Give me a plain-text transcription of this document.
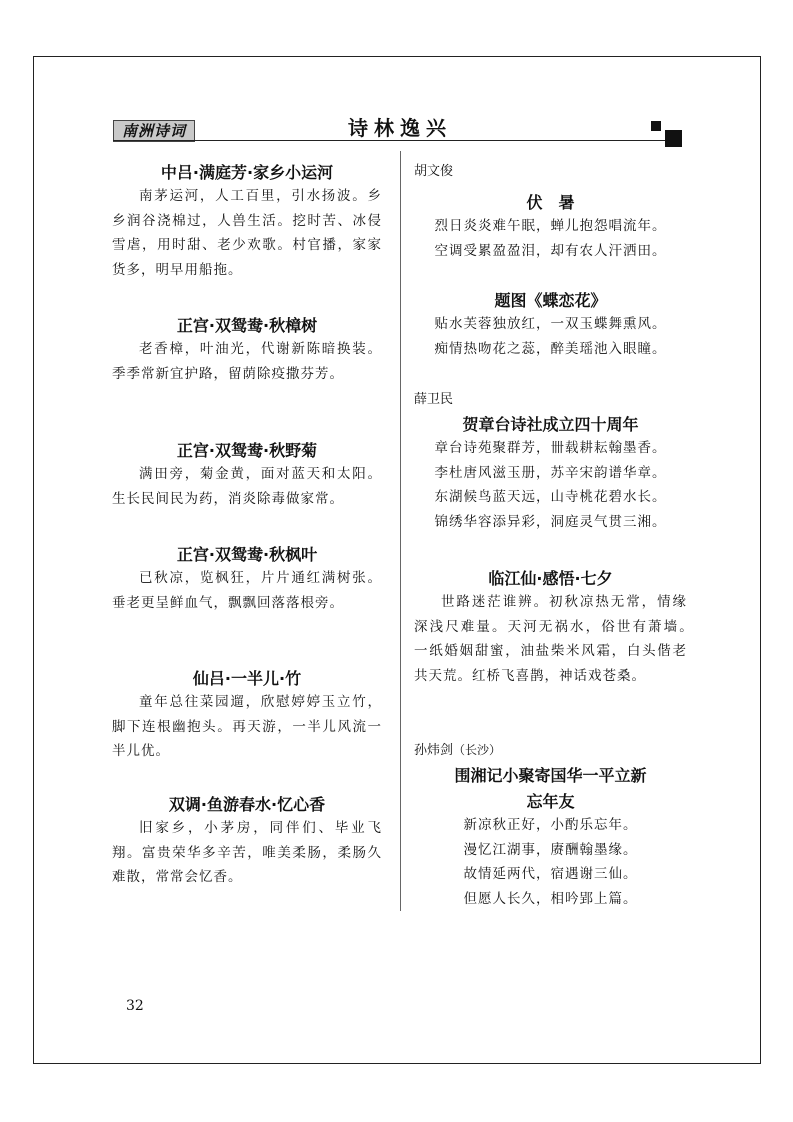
南洲诗词	诗林逸兴

中吕·满庭芳·家乡小运河

南茅运河，人工百里，引水扬波。乡乡润谷浇棉过，人兽生活。挖时苦、冰侵雪虐，用时甜、老少欢歌。村官播，家家货多，明早用船拖。

正宫·双鸳鸯·秋樟树

老香樟，叶油光，代谢新陈暗换装。季季常新宜护路，留荫除疫撒芬芳。

正宫·双鸳鸯·秋野菊

满田旁，菊金黄，面对蓝天和太阳。生长民间民为药，消炎除毒做家常。

正宫·双鸳鸯·秋枫叶

已秋凉，览枫狂，片片通红满树张。垂老更呈鲜血气，飘飘回落落根旁。

仙吕·一半儿·竹

童年总往菜园遛，欣慰婷婷玉立竹，脚下连根幽抱头。再天游，一半儿风流一半儿优。

双调·鱼游春水·忆心香

旧家乡，小茅房，同伴们、毕业飞翔。富贵荣华多辛苦，唯美柔肠，柔肠久难散，常常会忆香。

胡文俊

伏　暑

烈日炎炎难午眠，蝉儿抱怨唱流年。

空调受累盈盈泪，却有农人汗洒田。

题图《蝶恋花》

贴水芙蓉独放红，一双玉蝶舞熏风。

痴情热吻花之蕊，醉美瑶池入眼瞳。

薛卫民

贺章台诗社成立四十周年

章台诗苑聚群芳，卌载耕耘翰墨香。

李杜唐风滋玉册，苏辛宋韵谱华章。

东湖候鸟蓝天远，山寺桃花碧水长。

锦绣华容添异彩，洞庭灵气贯三湘。

临江仙·感悟·七夕

世路迷茫谁辨。初秋凉热无常，情缘深浅尺难量。天河无祸水，俗世有萧墙。　　一纸婚姻甜蜜，油盐柴米风霜，白头偕老共天荒。红桥飞喜鹊，神话戏苍桑。

孙炜剑（长沙）

围湘记小聚寄国华一平立新

忘年友

新凉秋正好，小酌乐忘年。

漫忆江湖事，赓酬翰墨缘。

故情延两代，宿遇谢三仙。

但愿人长久，相吟郢上篇。

32
